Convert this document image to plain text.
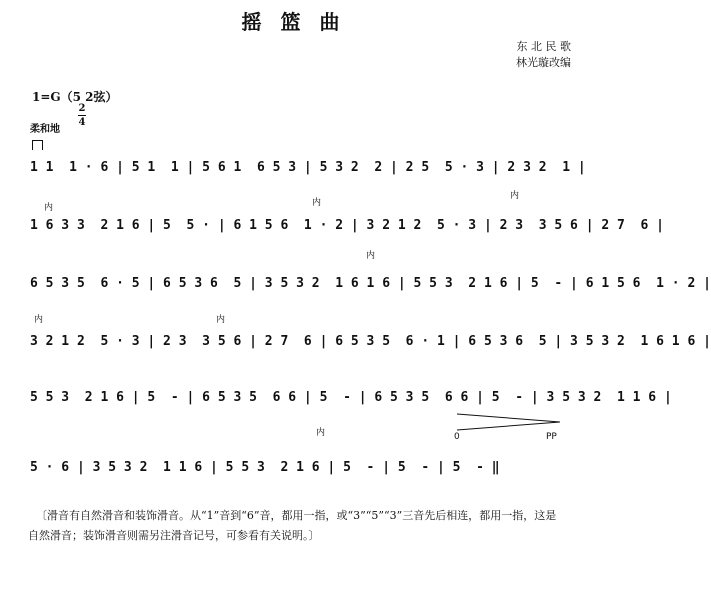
摇 篮 曲
东 北 民 歌
林光璇改编
1=G（5 2弦）
2
4
柔和地
内	内
内
内
内	内
内
1 1  1 · 6 | 5 1  1 | 5 6 1  6 5 3 | 5 3 2  2 | 2 5  5 · 3 | 2 3 2  1 |
1 6 3 3  2 1 6 | 5  5 · | 6 1 5 6  1 · 2 | 3 2 1 2  5 · 3 | 2 3  3 5 6 | 2 7  6 |
6 5 3 5  6 · 5 | 6 5 3 6  5 | 3 5 3 2  1 6 1 6 | 5 5 3  2 1 6 | 5  - | 6 1 5 6  1 · 2 |
3 2 1 2  5 · 3 | 2 3  3 5 6 | 2 7  6 | 6 5 3 5  6 · 1 | 6 5 3 6  5 | 3 5 3 2  1 6 1 6 |
5 5 3  2 1 6 | 5  - | 6 5 3 5  6 6 | 5  - | 6 5 3 5  6 6 | 5  - | 3 5 3 2  1 1 6 |
5 · 6 | 3 5 3 2  1 1 6 | 5 5 3  2 1 6 | 5  - | 5  - | 5  - ‖
0	PP
〔滑音有自然滑音和装饰滑音。从“1”音到“6”音，都用一指，或“3”“5”“3”三音先后相连，都用一指，这是自然滑音；装饰滑音则需另注滑音记号，可参看有关说明。〕
